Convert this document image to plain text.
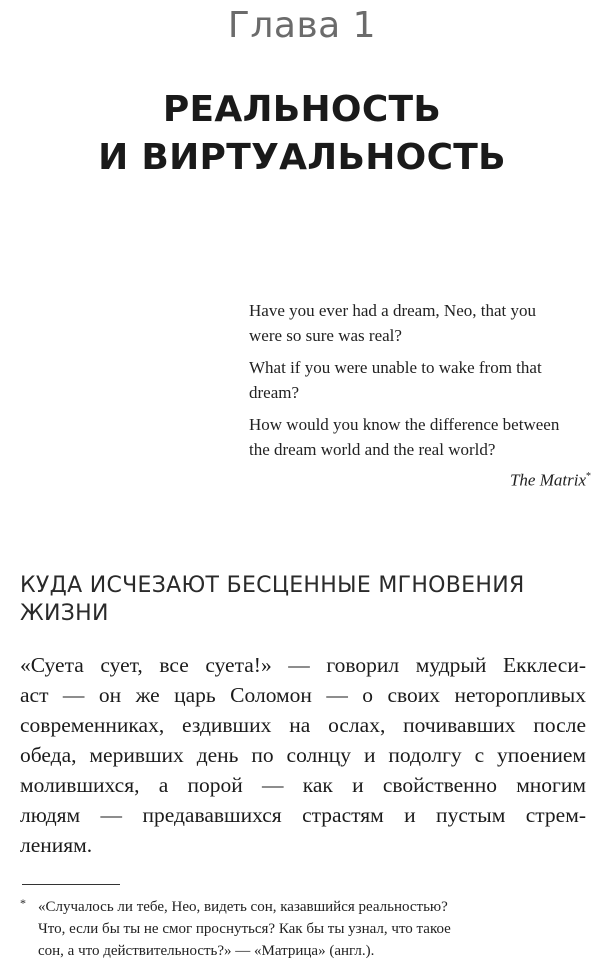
Глава 1
РЕАЛЬНОСТЬ
И ВИРТУАЛЬНОСТЬ

Have you ever had a dream, Neo, that you
were so sure was real?

What if you were unable to wake from that
dream?

How would you know the difference between
the dream world and the real world?

The Matrix*

КУДА ИСЧЕЗАЮТ БЕСЦЕННЫЕ МГНОВЕНИЯ
ЖИЗНИ
«Суета сует, все суета!» — говорил мудрый Екклеси-
аст — он же царь Соломон — о своих неторопливых
современниках, ездивших на ослах, почивавших после
обеда, меривших день по солнцу и подолгу с упоением
молившихся, а порой — как и свойственно многим
людям — предававшихся страстям и пустым стрем-
лениям.
* «Случалось ли тебе, Нео, видеть сон, казавшийся реальностью?
Что, если бы ты не смог проснуться? Как бы ты узнал, что такое
сон, а что действительность?» — «Матрица» (англ.).
